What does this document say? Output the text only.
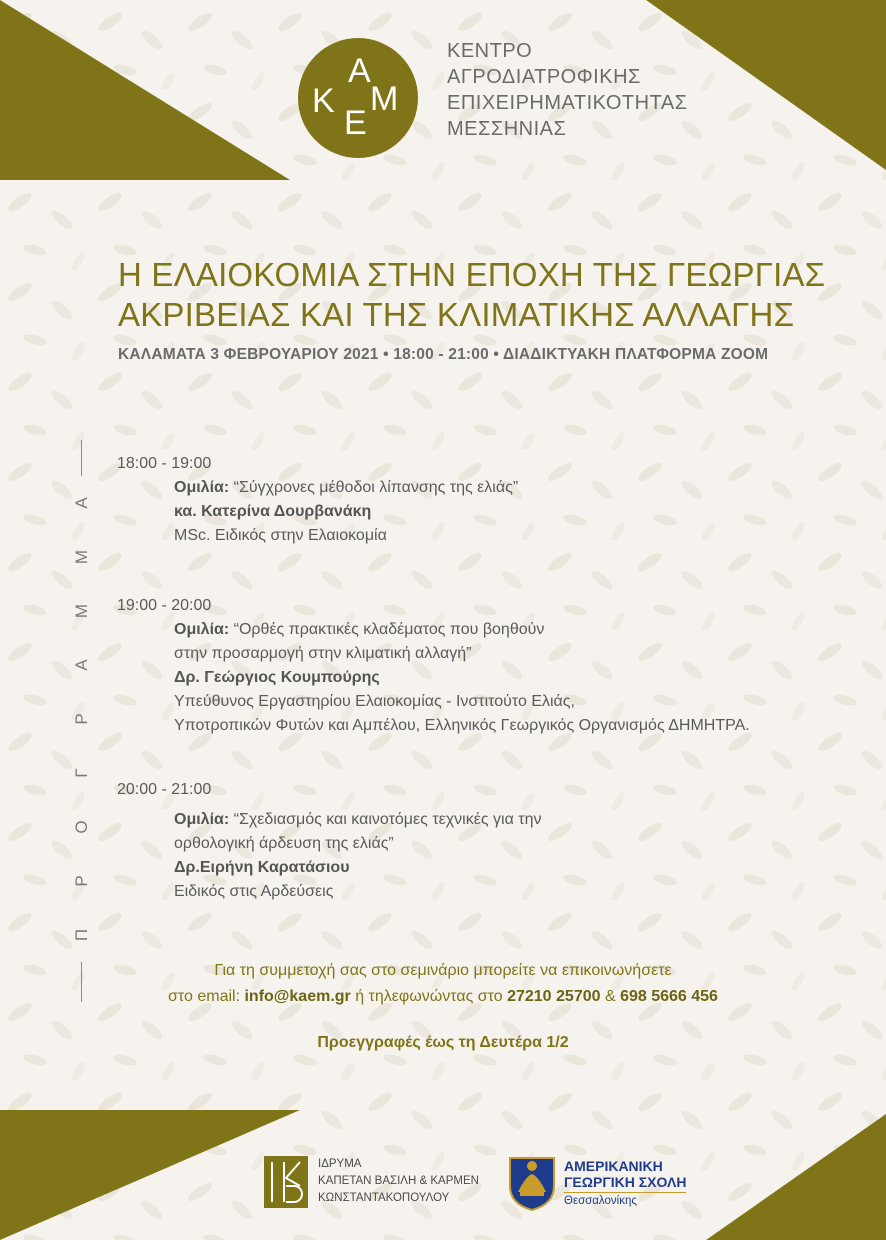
Α
Κ
Ε
Μ
ΚΕΝΤΡΟ
ΑΓΡΟΔΙΑΤΡΟΦΙΚΗΣ
ΕΠΙΧΕΙΡΗΜΑΤΙΚΟΤΗΤΑΣ
ΜΕΣΣΗΝΙΑΣ
Η ΕΛΑΙΟΚΟΜΙΑ ΣΤΗΝ ΕΠΟΧΗ ΤΗΣ ΓΕΩΡΓΙΑΣ
ΑΚΡΙΒΕΙΑΣ ΚΑΙ ΤΗΣ ΚΛΙΜΑΤΙΚΗΣ ΑΛΛΑΓΗΣ
ΚΑΛΑΜΑΤΑ 3 ΦΕΒΡΟΥΑΡΙΟΥ 2021 • 18:00 - 21:00 • ΔΙΑΔΙΚΤΥΑΚΗ ΠΛΑΤΦΟΡΜΑ ZOOM
Π
Ρ
Ο
Γ
Ρ
Α
Μ
Μ
Α
18:00 - 19:00
Ομιλία: “Σύγχρονες μέθοδοι λίπανσης της ελιάς”
κα. Κατερίνα Δουρβανάκη
MSc. Ειδικός στην Ελαιοκομία
19:00 - 20:00
Ομιλία: “Ορθές πρακτικές κλαδέματος που βοηθούν
στην προσαρμογή στην κλιματική αλλαγή”
Δρ. Γεώργιος Κουμπούρης
Υπεύθυνος Εργαστηρίου Ελαιοκομίας - Ινστιτούτο Ελιάς,
Υποτροπικών Φυτών και Αμπέλου, Ελληνικός Γεωργικός Οργανισμός ΔΗΜΗΤΡΑ.
20:00 - 21:00
Ομιλία: “Σχεδιασμός και καινοτόμες τεχνικές για την
ορθολογική άρδευση της ελιάς”
Δρ.Ειρήνη Καρατάσιου
Ειδικός στις Αρδεύσεις
Για τη συμμετοχή σας στο σεμινάριο μπορείτε να επικοινωνήσετε
στο email: info@kaem.gr ή τηλεφωνώντας στο 27210 25700 & 698 5666 456
Προεγγραφές έως τη Δευτέρα 1/2
ΙΔΡΥΜΑ
ΚΑΠΕΤΑΝ ΒΑΣΙΛΗ & ΚΑΡΜΕΝ
ΚΩΝΣΤΑΝΤΑΚΟΠΟΥΛΟΥ
ΑΜΕΡΙΚΑΝΙΚΗ
ΓΕΩΡΓΙΚΗ ΣΧΟΛΗ
Θεσσαλονίκης
